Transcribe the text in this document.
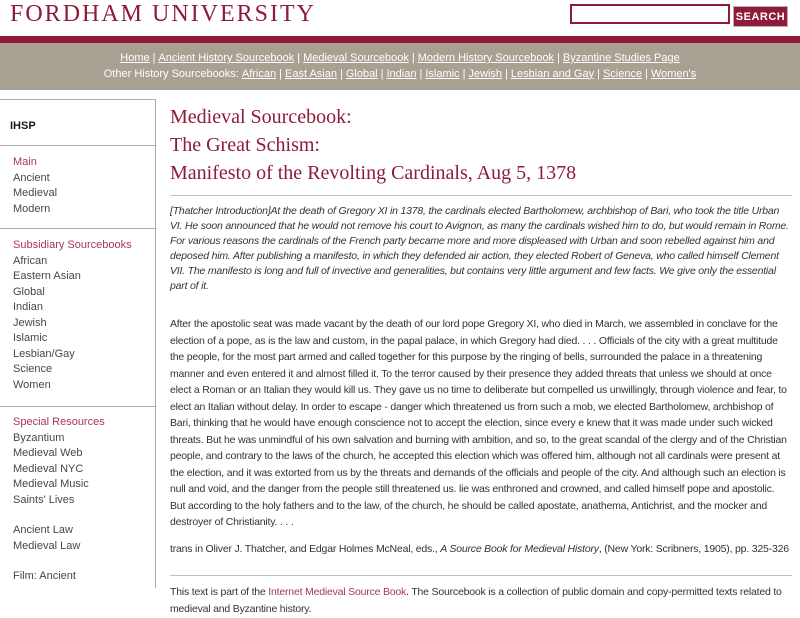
FORDHAM UNIVERSITY	SEARCH
Home | Ancient History Sourcebook | Medieval Sourcebook | Modern History Sourcebook | Byzantine Studies Page
Other History Sourcebooks: African | East Asian | Global | Indian | Islamic | Jewish | Lesbian and Gay | Science | Women's
IHSP
Main
Ancient
Medieval
Modern
Subsidiary Sourcebooks
African
Eastern Asian
Global
Indian
Jewish
Islamic
Lesbian/Gay
Science
Women
Special Resources
Byzantium
Medieval Web
Medieval NYC
Medieval Music
Saints' Lives
Ancient Law
Medieval Law
Film: Ancient
Medieval Sourcebook:
The Great Schism:
Manifesto of the Revolting Cardinals, Aug 5, 1378

[Thatcher Introduction]At the death of Gregory XI in 1378, the cardinals elected Bartholomew, archbishop of Bari, who took the title Urban VI. He soon announced that he would not remove his court to Avignon, as many the cardinals wished him to do, but would remain in Rome. For various reasons the cardinals of the French party became more and more displeased with Urban and soon rebelled against him and deposed him. After publishing a manifesto, in which they defended air action, they elected Robert of Geneva, who called himself Clement VII. The manifesto is long and full of invective and generalities, but contains very little argument and few facts. We give only the essential part of it.

After the apostolic seat was made vacant by the death of our lord pope Gregory XI, who died in March, we assembled in conclave for the election of a pope, as is the law and custom, in the papal palace, in which Gregory had died. . . . Officials of the city with a great multitude the people, for the most part armed and called together for this purpose by the ringing of bells, surrounded the palace in a threatening manner and even entered it and almost filled it. To the terror caused by their presence they added threats that unless we should at once elect a Roman or an Italian they would kill us. They gave us no time to deliberate but compelled us unwillingly, through violence and fear, to elect an Italian without delay. In order to escape - danger which threatened us from such a mob, we elected Bartholomew, archbishop of Bari, thinking that he would have enough conscience not to accept the election, since every e knew that it was made under such wicked threats. But he was unmindful of his own salvation and burning with ambition, and so, to the great scandal of the clergy and of the Christian people, and contrary to the laws of the church, he accepted this election which was offered him, although not all cardinals were present at the election, and it was extorted from us by the threats and demands of the officials and people of the city. And although such an election is null and void, and the danger from the people still threatened us. lie was enthroned and crowned, and called himself pope and apostolic. But according to the holy fathers and to the law, of the church, he should be called apostate, anathema, Antichrist, and the mocker and destroyer of Christianity. . . .

trans in Oliver J. Thatcher, and Edgar Holmes McNeal, eds., A Source Book for Medieval History, (New York: Scribners, 1905), pp. 325-326

This text is part of the Internet Medieval Source Book. The Sourcebook is a collection of public domain and copy-permitted texts related to medieval and Byzantine history.
